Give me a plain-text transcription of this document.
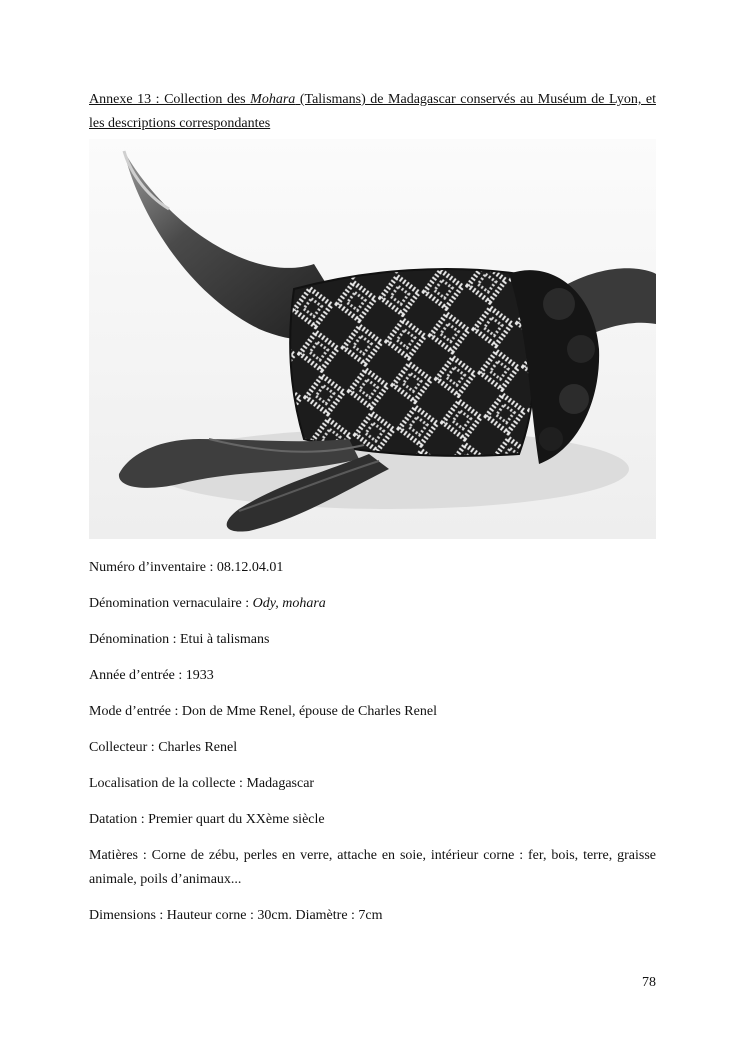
Annexe 13 : Collection des Mohara (Talismans) de Madagascar conservés au Muséum de Lyon, et les descriptions correspondantes
Numéro d’inventaire : 08.12.04.01
Dénomination vernaculaire : Ody, mohara
Dénomination : Etui à talismans
Année d’entrée : 1933
Mode d’entrée : Don de Mme Renel, épouse de Charles Renel
Collecteur : Charles Renel
Localisation de la collecte : Madagascar
Datation : Premier quart du XXème siècle
Matières : Corne de zébu, perles en verre, attache en soie, intérieur corne : fer, bois, terre, graisse animale, poils d’animaux...
Dimensions : Hauteur corne : 30cm. Diamètre : 7cm
78
